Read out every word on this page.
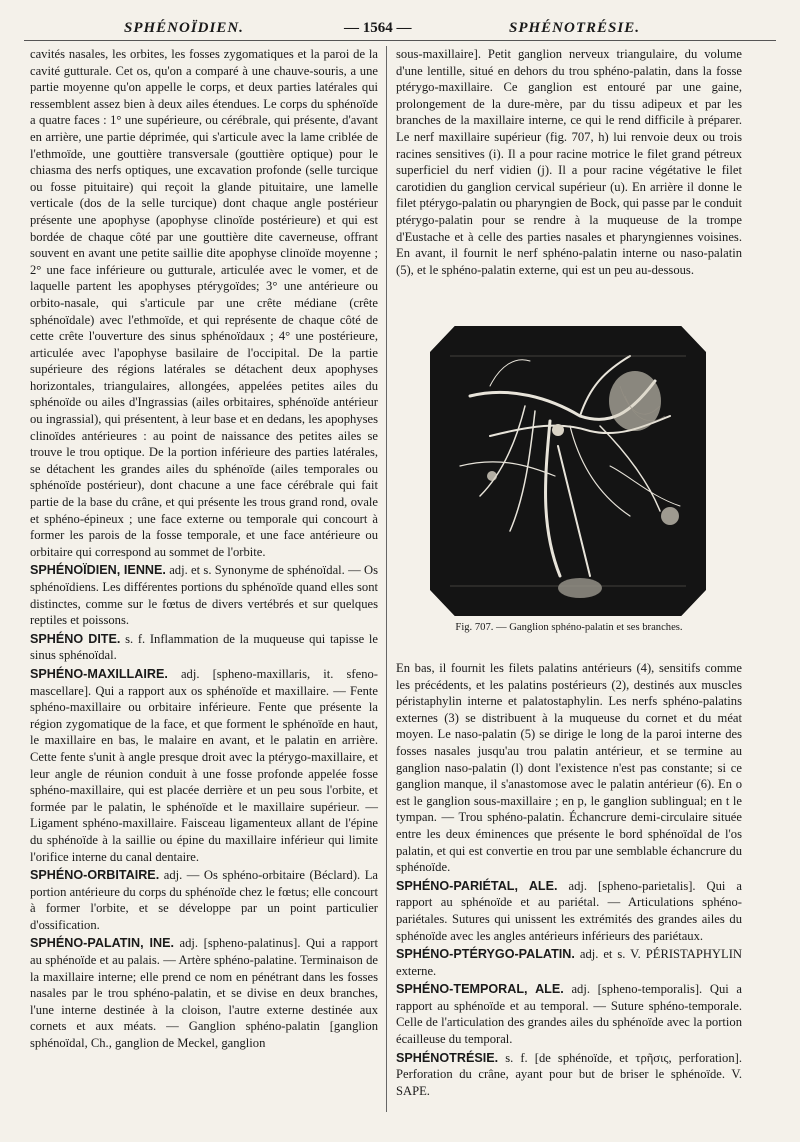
SPHÉNOÏDIEN.	— 1564 —	SPHÉNOTRÉSIE.

cavités nasales, les orbites, les fosses zygomatiques et la paroi de la cavité gutturale. Cet os, qu'on a comparé à une chauve-souris, a une partie moyenne qu'on appelle le corps, et deux parties latérales qui ressemblent assez bien à deux ailes étendues. Le corps du sphénoïde a quatre faces : 1° une supérieure, ou cérébrale, qui présente, d'avant en arrière, une partie déprimée, qui s'articule avec la lame criblée de l'ethmoïde, une gouttière transversale (gouttière optique) pour le chiasma des nerfs optiques, une excavation profonde (selle turcique ou fosse pituitaire) qui reçoit la glande pituitaire, une lamelle verticale (dos de la selle turcique) dont chaque angle postérieur présente une apophyse (apophyse clinoïde postérieure) et qui est bordée de chaque côté par une gouttière dite caverneuse, offrant souvent en avant une petite saillie dite apophyse clinoïde moyenne ; 2° une face inférieure ou gutturale, articulée avec le vomer, et de laquelle partent les apophyses ptérygoïdes; 3° une antérieure ou orbito-nasale, qui s'articule par une crête médiane (crête sphénoïdale) avec l'ethmoïde, et qui représente de chaque côté de cette crête l'ouverture des sinus sphénoïdaux ; 4° une postérieure, articulée avec l'apophyse basilaire de l'occipital. De la partie supérieure des régions latérales se détachent deux apophyses horizontales, triangulaires, allongées, appelées petites ailes du sphénoïde ou ailes d'Ingrassias (ailes orbitaires, sphénoïde antérieur ou ingrassial), qui présentent, à leur base et en dedans, les apophyses clinoïdes antérieures : au point de naissance des petites ailes se trouve le trou optique. De la portion inférieure des parties latérales, se détachent les grandes ailes du sphénoïde (ailes temporales ou sphénoïde postérieur), dont chacune a une face cérébrale qui fait partie de la base du crâne, et qui présente les trous grand rond, ovale et sphéno-épineux ; une face externe ou temporale qui concourt à former les parois de la fosse temporale, et une face antérieure ou orbitaire qui correspond au sommet de l'orbite.

SPHÉNOÏDIEN, IENNE. adj. et s. Synonyme de sphénoïdal. — Os sphénoïdiens. Les différentes portions du sphénoïde quand elles sont distinctes, comme sur le fœtus de divers vertébrés et sur quelques reptiles et poissons.

SPHÉNO DITE. s. f. Inflammation de la muqueuse qui tapisse le sinus sphénoïdal.

SPHÉNO-MAXILLAIRE. adj. [spheno-maxillaris, it. sfeno-mascellare]. Qui a rapport aux os sphénoïde et maxillaire. — Fente sphéno-maxillaire ou orbitaire inférieure. Fente que présente la région zygomatique de la face, et que forment le sphénoïde en haut, le maxillaire en bas, le malaire en avant, et le palatin en arrière. Cette fente s'unit à angle presque droit avec la ptérygo-maxillaire, et leur angle de réunion conduit à une fosse profonde appelée fosse sphéno-maxillaire, qui est placée derrière et un peu sous l'orbite, et formée par le palatin, le sphénoïde et le maxillaire supérieur. — Ligament sphéno-maxillaire. Faisceau ligamenteux allant de l'épine du sphénoïde à la saillie ou épine du maxillaire inférieur qui limite l'orifice interne du canal dentaire.

SPHÉNO-ORBITAIRE. adj. — Os sphéno-orbitaire (Béclard). La portion antérieure du corps du sphénoïde chez le fœtus; elle concourt à former l'orbite, et se développe par un point particulier d'ossification.

SPHÉNO-PALATIN, INE. adj. [spheno-palatinus]. Qui a rapport au sphénoïde et au palais. — Artère sphéno-palatine. Terminaison de la maxillaire interne; elle prend ce nom en pénétrant dans les fosses nasales par le trou sphéno-palatin, et se divise en deux branches, l'une interne destinée à la cloison, l'autre externe destinée aux cornets et aux méats. — Ganglion sphéno-palatin [ganglion sphénoïdal, Ch., ganglion de Meckel, ganglion

sous-maxillaire]. Petit ganglion nerveux triangulaire, du volume d'une lentille, situé en dehors du trou sphéno-palatin, dans la fosse ptérygo-maxillaire. Ce ganglion est entouré par une gaine, prolongement de la dure-mère, par du tissu adipeux et par les branches de la maxillaire interne, ce qui le rend difficile à préparer. Le nerf maxillaire supérieur (fig. 707, h) lui renvoie deux ou trois racines sensitives (i). Il a pour racine motrice le filet grand pétreux superficiel du nerf vidien (j). Il a pour racine végétative le filet carotidien du ganglion cervical supérieur (u). En arrière il donne le filet ptérygo-palatin ou pharyngien de Bock, qui passe par le conduit ptérygo-palatin pour se rendre à la muqueuse de la trompe d'Eustache et à celle des parties nasales et pharyngiennes voisines. En avant, il fournit le nerf sphéno-palatin interne ou naso-palatin (5), et le sphéno-palatin externe, qui est un peu au-dessous.

Fig. 707. — Ganglion sphéno-palatin et ses branches.

En bas, il fournit les filets palatins antérieurs (4), sensitifs comme les précédents, et les palatins postérieurs (2), destinés aux muscles péristaphylin interne et palatostaphylin. Les nerfs sphéno-palatins externes (3) se distribuent à la muqueuse du cornet et du méat moyen. Le naso-palatin (5) se dirige le long de la paroi interne des fosses nasales jusqu'au trou palatin antérieur, et se termine au ganglion naso-palatin (l) dont l'existence n'est pas constante; si ce ganglion manque, il s'anastomose avec le palatin antérieur (6). En o est le ganglion sous-maxillaire ; en p, le ganglion sublingual; en t le tympan. — Trou sphéno-palatin. Échancrure demi-circulaire située entre les deux éminences que présente le bord sphénoïdal de l'os palatin, et qui est convertie en trou par une semblable échancrure du sphénoïde.

SPHÉNO-PARIÉTAL, ALE. adj. [spheno-parietalis]. Qui a rapport au sphénoïde et au pariétal. — Articulations sphéno-pariétales. Sutures qui unissent les extrémités des grandes ailes du sphénoïde avec les angles antérieurs inférieurs des pariétaux.

SPHÉNO-PTÉRYGO-PALATIN. adj. et s. V. PÉRISTAPHYLIN externe.

SPHÉNO-TEMPORAL, ALE. adj. [spheno-temporalis]. Qui a rapport au sphénoïde et au temporal. — Suture sphéno-temporale. Celle de l'articulation des grandes ailes du sphénoïde avec la portion écailleuse du temporal.

SPHÉNOTRÉSIE. s. f. [de sphénoïde, et τρῆσις, perforation]. Perforation du crâne, ayant pour but de briser le sphénoïde. V. SAPE.
